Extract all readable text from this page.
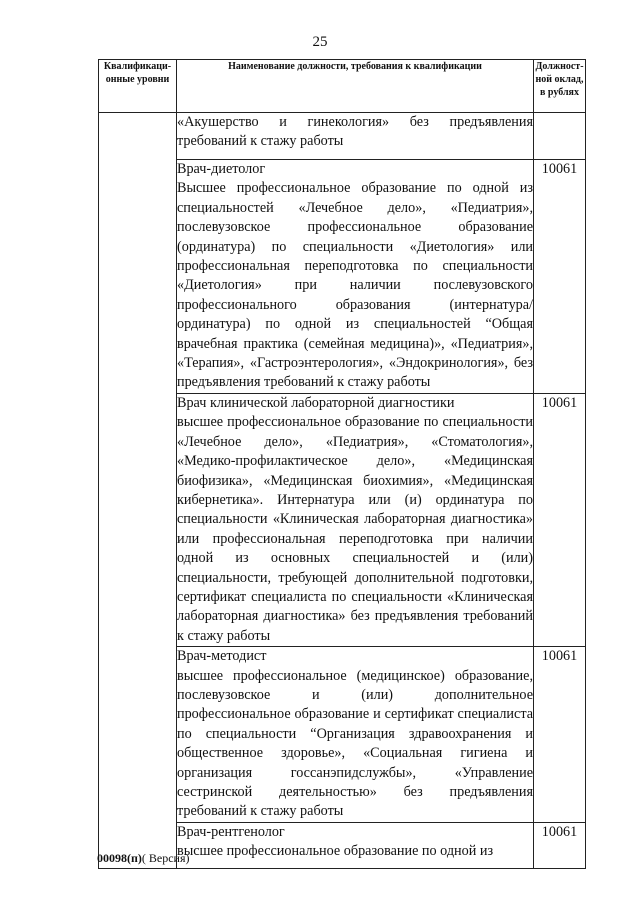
25
Квалификаци-онные уровни	Наименование должности, требования к квалификации	Должност-ной оклад, в рублях

	«Акушерство и гинекология» без предъявления требований к стажу работы	

	Врач-диетолог
Высшее профессиональное образование по одной из специальностей «Лечебное дело», «Педиатрия», послевузовское профессиональное образование (ординатура) по специальности «Диетология» или профессиональная переподготовка по специальности «Диетология» при наличии послевузовского профессионального образования (интернатура/ординатура) по одной из специальностей “Общая врачебная практика (семейная медицина)», «Педиатрия», «Терапия», «Гастроэнтерология», «Эндокринология», без предъявления требований к стажу работы	10061

	Врач клинической лабораторной диагностики
высшее профессиональное образование по специальности «Лечебное дело», «Педиатрия», «Стоматология», «Медико-профилактическое дело», «Медицинская биофизика», «Медицинская биохимия», «Медицинская кибернетика». Интернатура или (и) ординатура по специальности «Клиническая лабораторная диагностика» или профессиональная переподготовка при наличии одной из основных специальностей и (или) специальности, требующей дополнительной подготовки, сертификат специалиста по специальности «Клиническая лабораторная диагностика» без предъявления требований к стажу работы	10061

	Врач-методист
высшее профессиональное (медицинское) образование, послевузовское и (или) дополнительное профессиональное образование и сертификат специалиста по специальности “Организация здравоохранения и общественное здоровье», «Социальная гигиена и организация госсанэпидслужбы», «Управление сестринской деятельностью» без предъявления требований к стажу работы	10061

	Врач-рентгенолог
высшее профессиональное образование по одной из	10061
00098(п)( Версия)
